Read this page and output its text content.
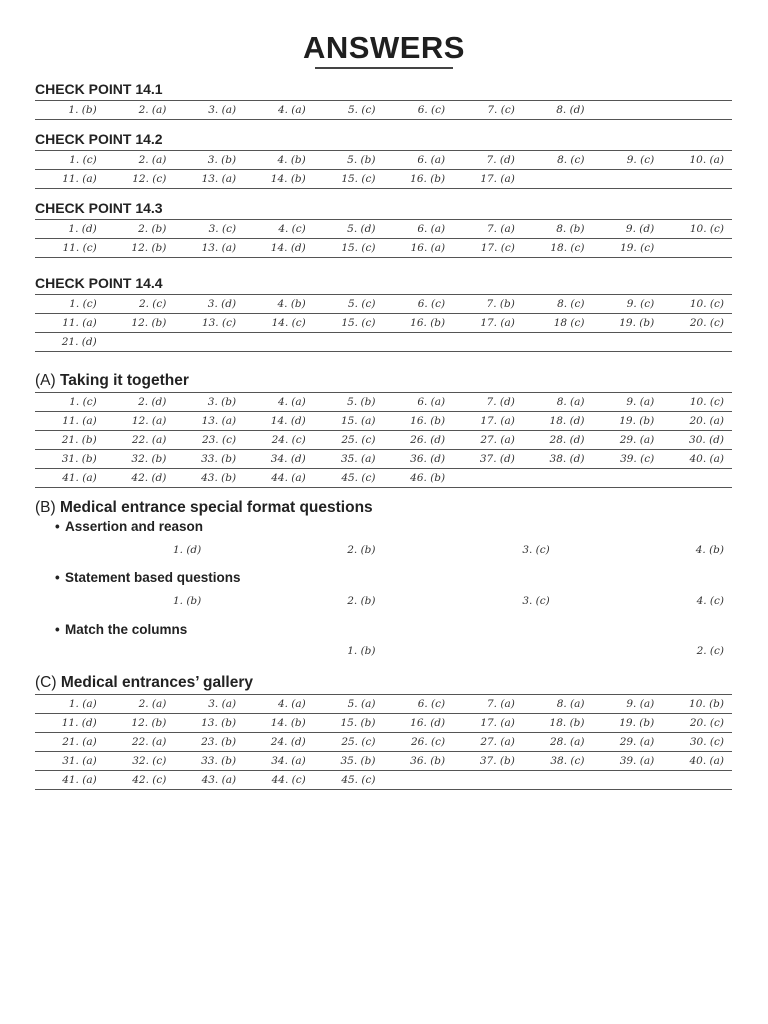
ANSWERS
CHECK POINT 14.1
1. (b)	2. (a)	3. (a)	4. (a)	5. (c)	6. (c)	7. (c)	8. (d)		
CHECK POINT 14.2
1. (c)	2. (a)	3. (b)	4. (b)	5. (b)	6. (a)	7. (d)	8. (c)	9. (c)	10. (a)
11. (a)	12. (c)	13. (a)	14. (b)	15. (c)	16. (b)	17. (a)			
CHECK POINT 14.3
1. (d)	2. (b)	3. (c)	4. (c)	5. (d)	6. (a)	7. (a)	8. (b)	9. (d)	10. (c)
11. (c)	12. (b)	13. (a)	14. (d)	15. (c)	16. (a)	17. (c)	18. (c)	19. (c)	
CHECK POINT 14.4
1. (c)	2. (c)	3. (d)	4. (b)	5. (c)	6. (c)	7. (b)	8. (c)	9. (c)	10. (c)
11. (a)	12. (b)	13. (c)	14. (c)	15. (c)	16. (b)	17. (a)	18 (c)	19. (b)	20. (c)
21. (d)									
(A) Taking it together
1. (c)	2. (d)	3. (b)	4. (a)	5. (b)	6. (a)	7. (d)	8. (a)	9. (a)	10. (c)
11. (a)	12. (a)	13. (a)	14. (d)	15. (a)	16. (b)	17. (a)	18. (d)	19. (b)	20. (a)
21. (b)	22. (a)	23. (c)	24. (c)	25. (c)	26. (d)	27. (a)	28. (d)	29. (a)	30. (d)
31. (b)	32. (b)	33. (b)	34. (d)	35. (a)	36. (d)	37. (d)	38. (d)	39. (c)	40. (a)
41. (a)	42. (d)	43. (b)	44. (a)	45. (c)	46. (b)				
(B) Medical entrance special format questions
• Assertion and reason
1. (d)	2. (b)	3. (c)	4. (b)
• Statement based questions
1. (b)	2. (b)	3. (c)	4. (c)
• Match the columns
1. (b)	2. (c)
(C) Medical entrances’ gallery
1. (a)	2. (a)	3. (a)	4. (a)	5. (a)	6. (c)	7. (a)	8. (a)	9. (a)	10. (b)
11. (d)	12. (b)	13. (b)	14. (b)	15. (b)	16. (d)	17. (a)	18. (b)	19. (b)	20. (c)
21. (a)	22. (a)	23. (b)	24. (d)	25. (c)	26. (c)	27. (a)	28. (a)	29. (a)	30. (c)
31. (a)	32. (c)	33. (b)	34. (a)	35. (b)	36. (b)	37. (b)	38. (c)	39. (a)	40. (a)
41. (a)	42. (c)	43. (a)	44. (c)	45. (c)					
